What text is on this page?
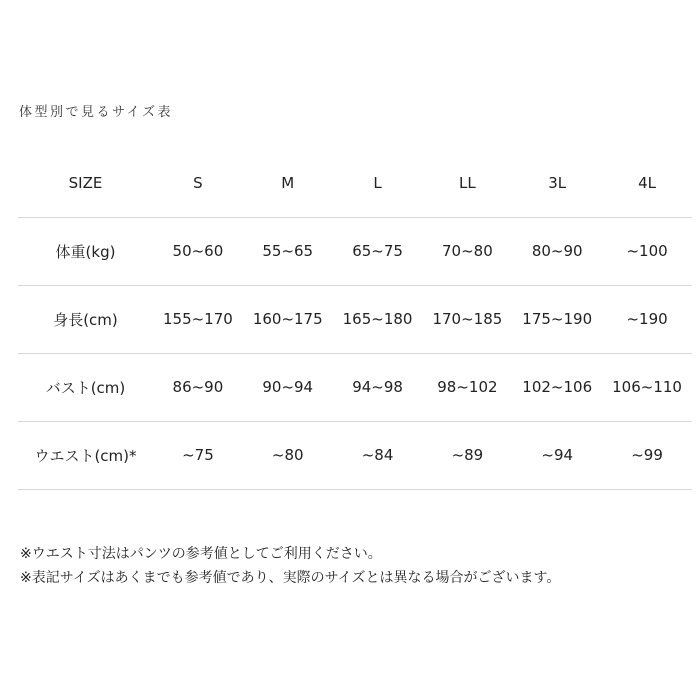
体型別で見るサイズ表
SIZE	S	M	L	LL	3L	4L
体重(kg)	50~60	55~65	65~75	70~80	80~90	~100
身長(cm)	155~170	160~175	165~180	170~185	175~190	~190
バスト(cm)	86~90	90~94	94~98	98~102	102~106	106~110
ウエスト(cm)*	~75	~80	~84	~89	~94	~99
※ウエスト寸法はパンツの参考値としてご利用ください。
※表記サイズはあくまでも参考値であり、実際のサイズとは異なる場合がございます。
